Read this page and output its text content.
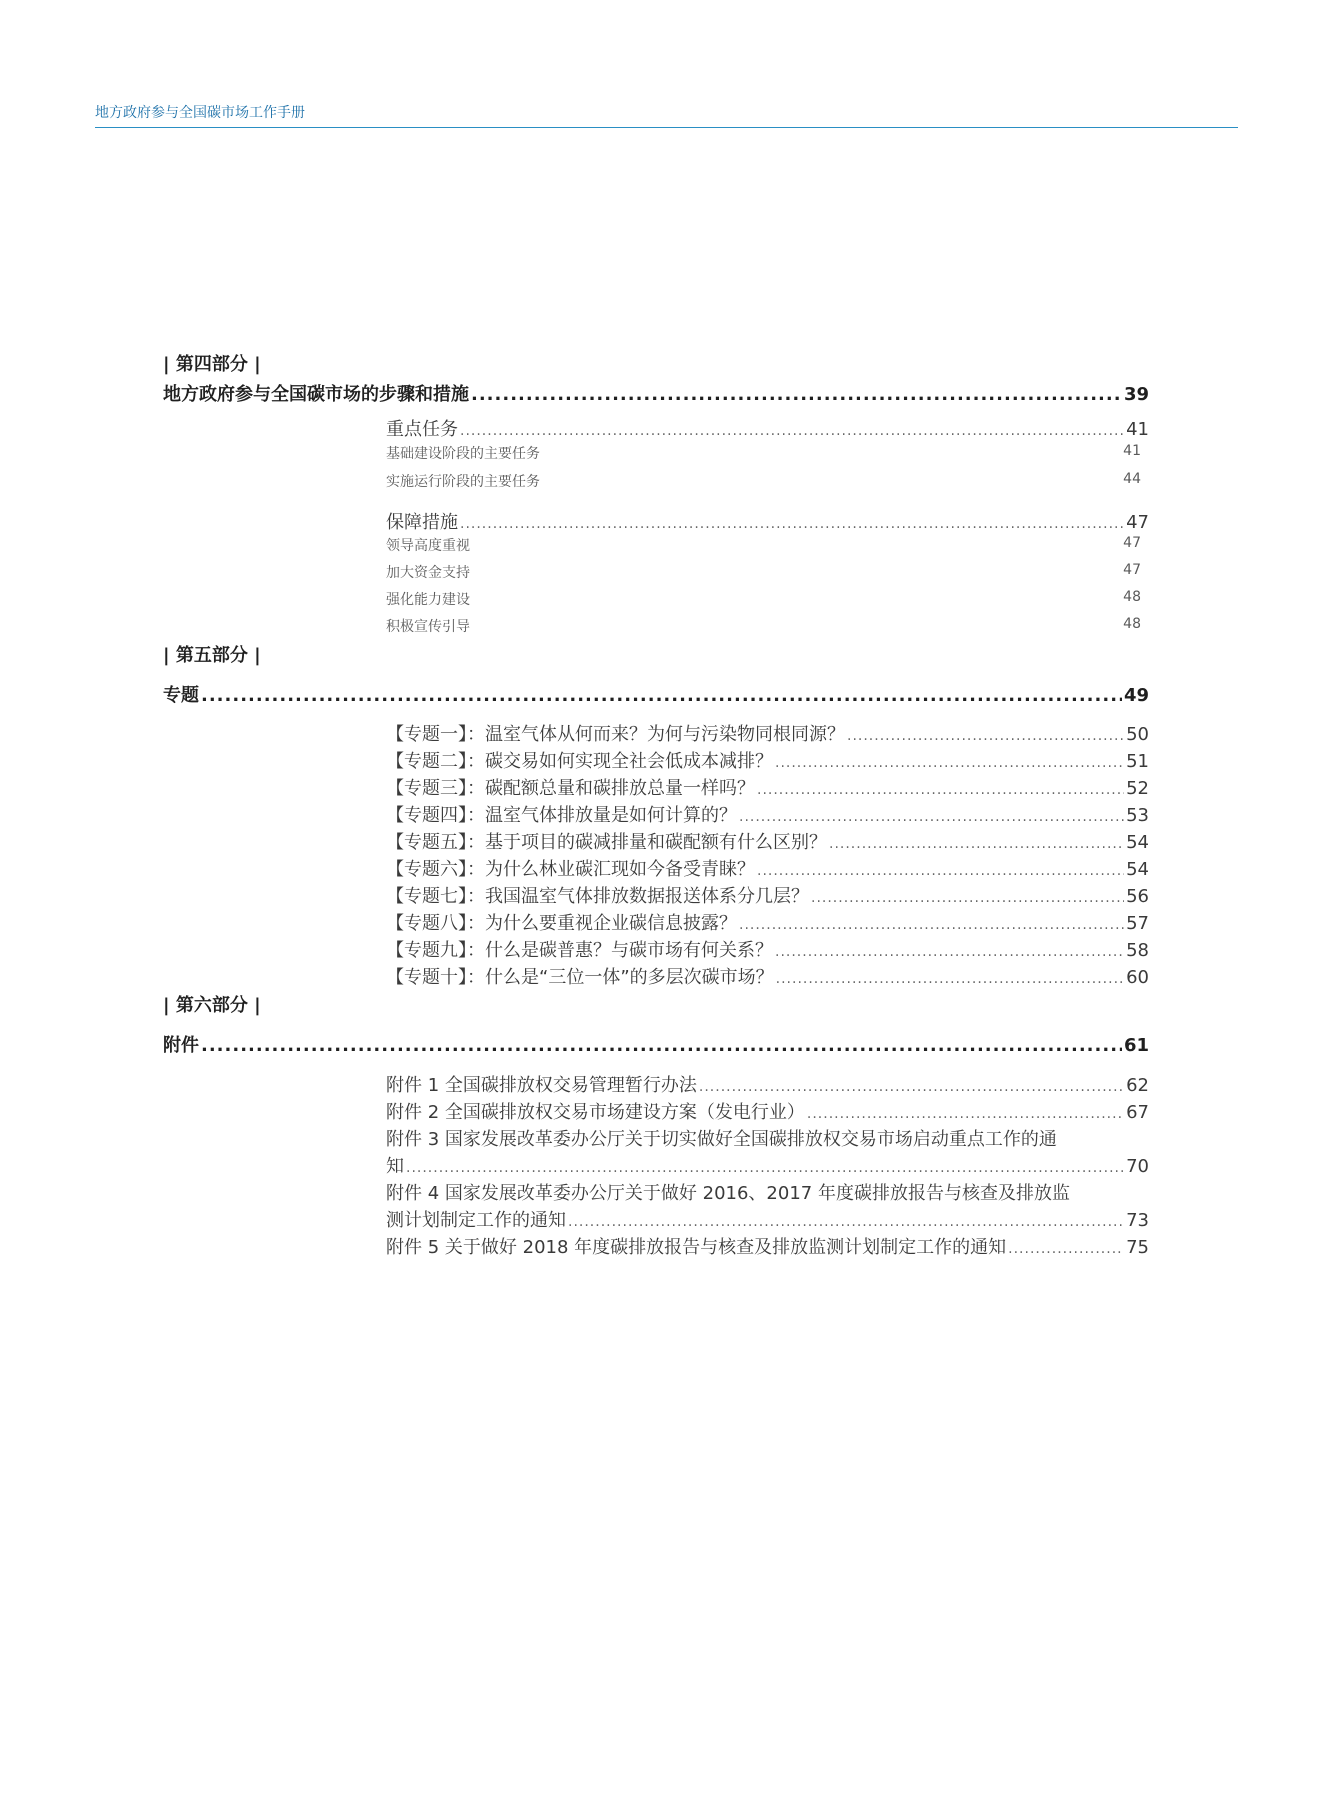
地方政府参与全国碳市场工作手册
| 第四部分 |
地方政府参与全国碳市场的步骤和措施 .....	39
重点任务 .....	41
基础建设阶段的主要任务	41
实施运行阶段的主要任务	44
保障措施 .....	47
领导高度重视	47
加大资金支持	47
强化能力建设	48
积极宣传引导	48
| 第五部分 |
专题 .....	49
【专题一】：温室气体从何而来？为何与污染物同根同源？ .....	50
【专题二】：碳交易如何实现全社会低成本减排？ .....	51
【专题三】：碳配额总量和碳排放总量一样吗？ .....	52
【专题四】：温室气体排放量是如何计算的？ .....	53
【专题五】：基于项目的碳减排量和碳配额有什么区别？ .....	54
【专题六】：为什么林业碳汇现如今备受青睐？ .....	54
【专题七】：我国温室气体排放数据报送体系分几层？ .....	56
【专题八】：为什么要重视企业碳信息披露？ .....	57
【专题九】：什么是碳普惠？与碳市场有何关系？ .....	58
【专题十】：什么是“三位一体”的多层次碳市场？ .....	60
| 第六部分 |
附件 .....	61
附件 1 全国碳排放权交易管理暂行办法 .....	62
附件 2 全国碳排放权交易市场建设方案（发电行业） .....	67
附件 3 国家发展改革委办公厅关于切实做好全国碳排放权交易市场启动重点工作的通
知 .....	70
附件 4 国家发展改革委办公厅关于做好 2016、2017 年度碳排放报告与核查及排放监
测计划制定工作的通知 .....	73
附件 5 关于做好 2018 年度碳排放报告与核查及排放监测计划制定工作的通知 .....	75
